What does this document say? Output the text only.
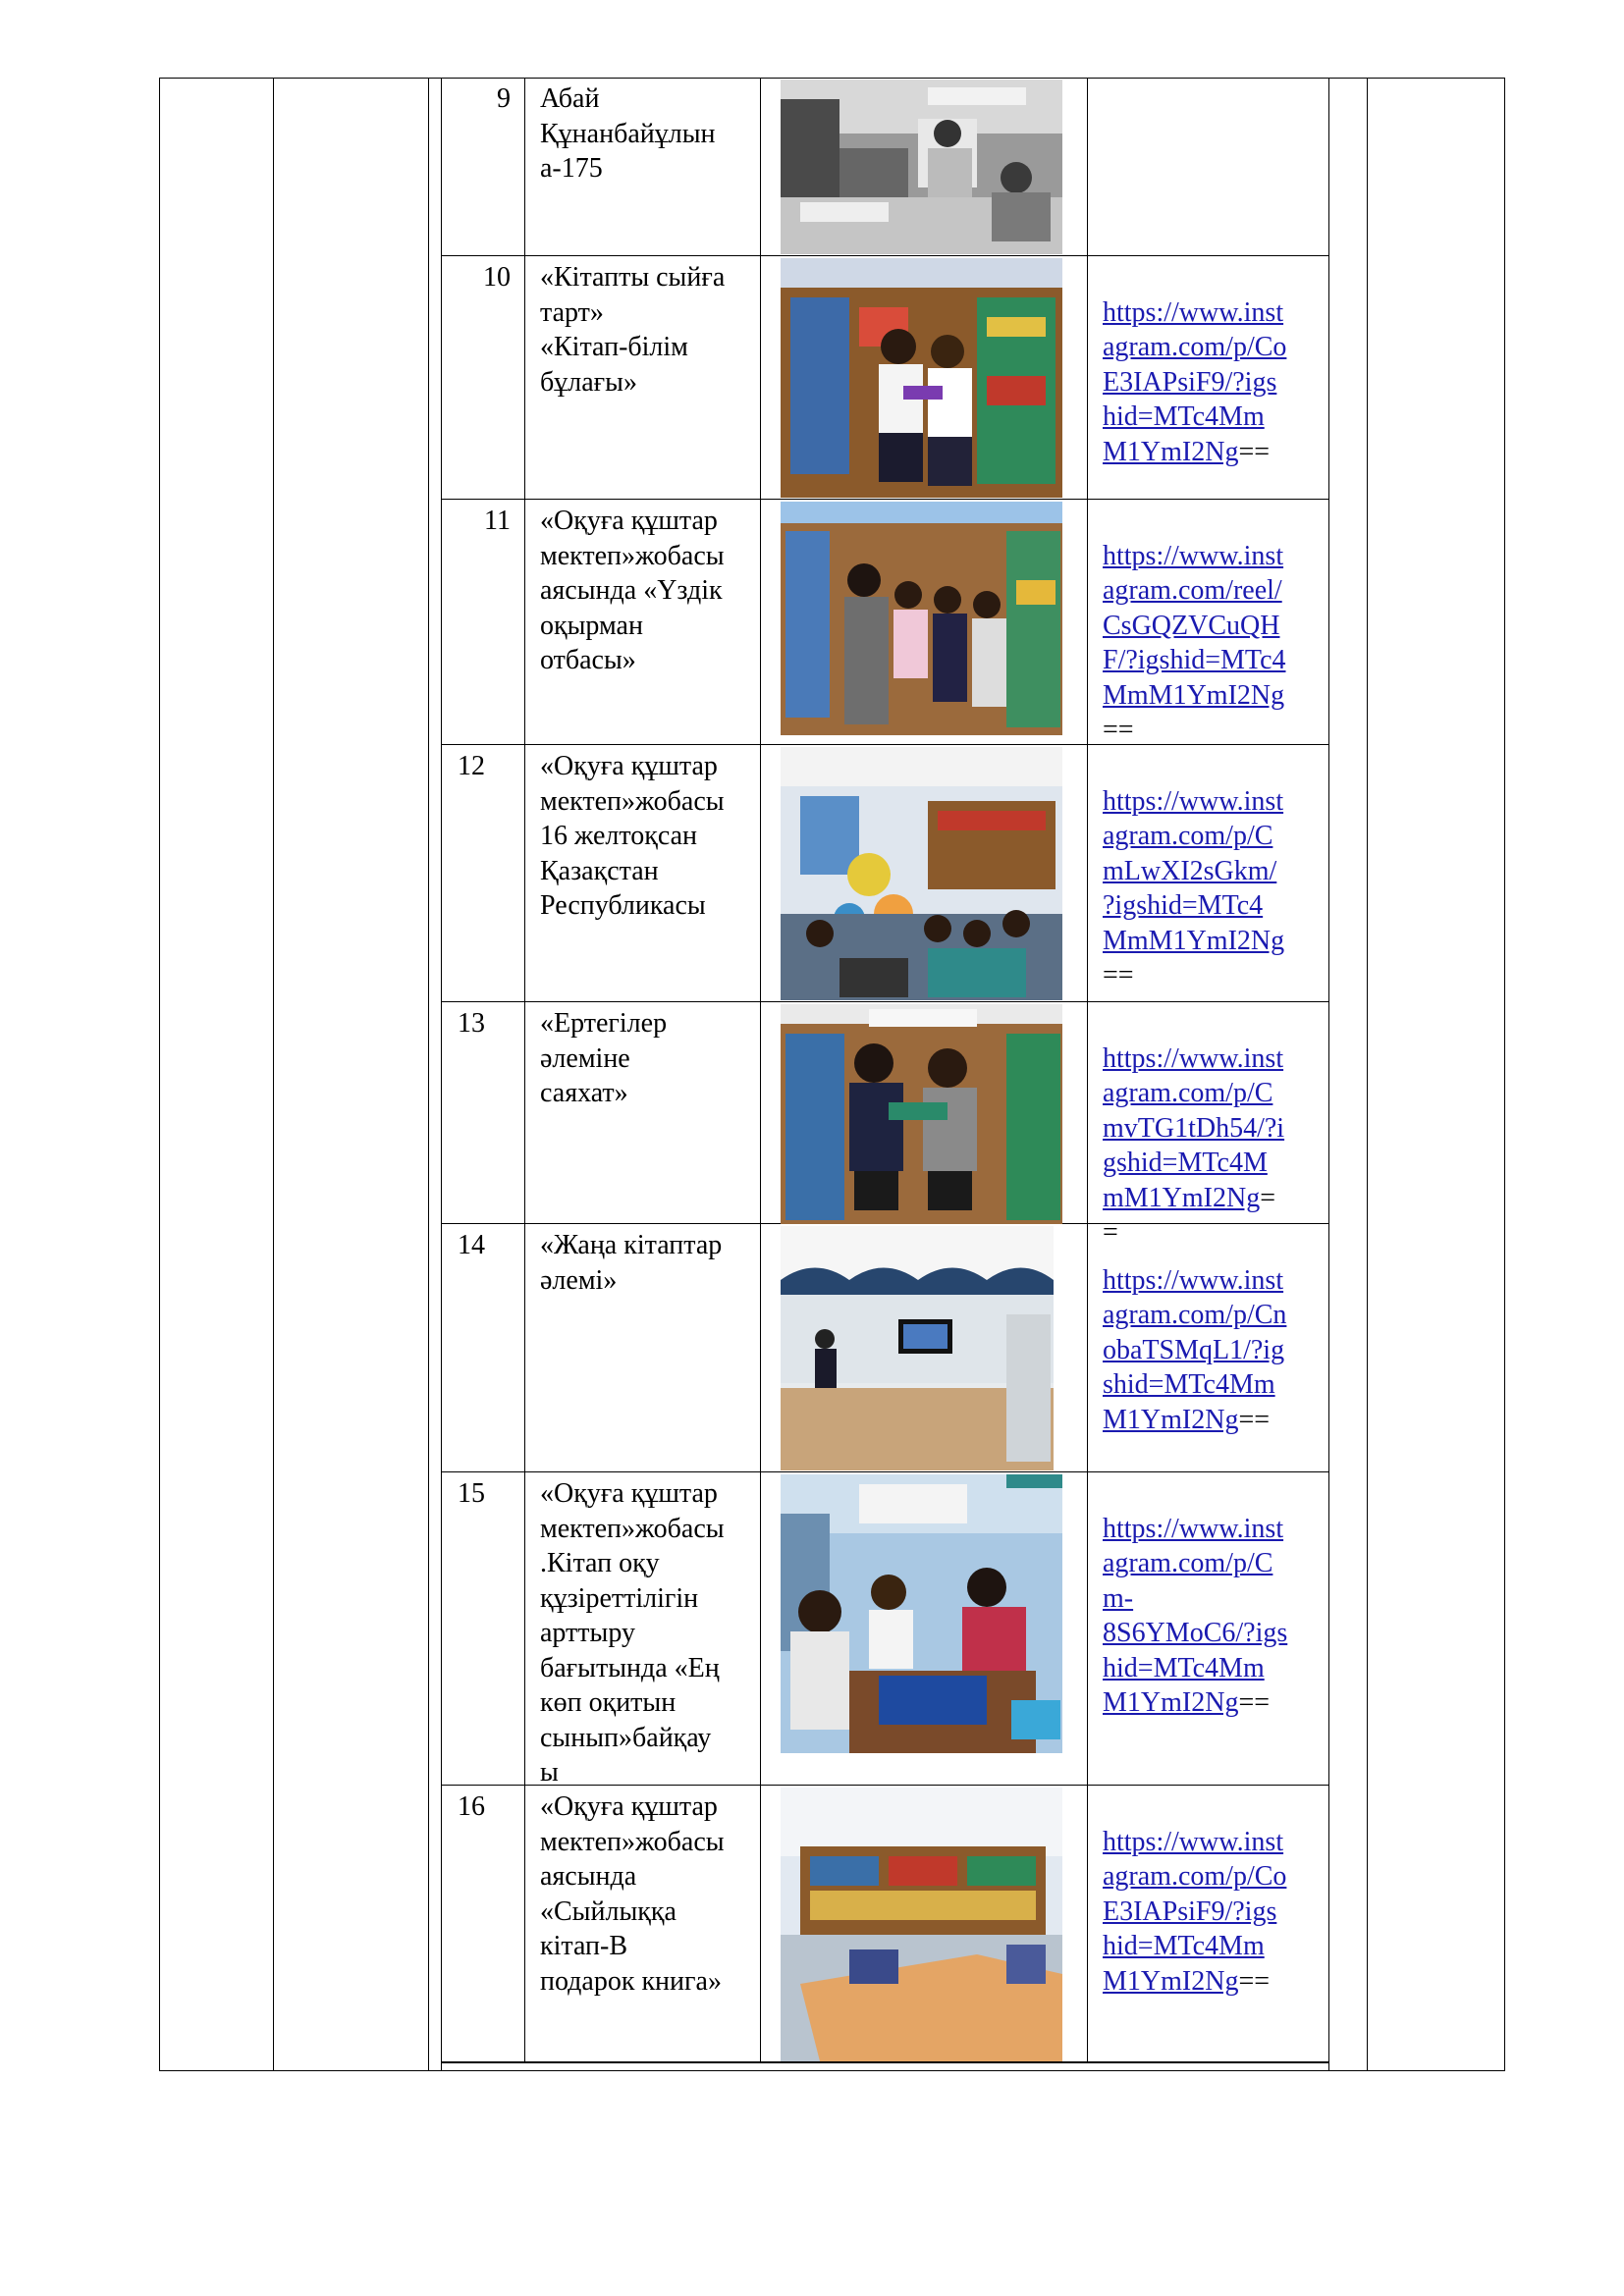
9	Абай
Құнанбайұлын
а-175
10	«Кітапты сыйға
тарт»
«Кітап-білім
бұлағы»

https://www.inst
agram.com/p/Co
E3IAPsiF9/?igs
hid=MTc4Mm
M1YmI2Ng==

11	«Оқуға құштар
мектеп»жобасы
аясында «Үздік
оқырман
отбасы»

https://www.inst
agram.com/reel/
CsGQZVCuQH
F/?igshid=MTc4
MmM1YmI2Ng
==

12	«Оқуға құштар
мектеп»жобасы
16 желтоқсан
Қазақстан
Республикасы

https://www.inst
agram.com/p/C
mLwXI2sGkm/
?igshid=MTc4
MmM1YmI2Ng
==

13	«Ертегілер
әлеміне
саяхат»

https://www.inst
agram.com/p/C
mvTG1tDh54/?i
gshid=MTc4M
mM1YmI2Ng=
=

14	«Жаңа кітаптар
әлемі»	https://www.inst
agram.com/p/Cn
obaTSMqL1/?ig
shid=MTc4Mm
M1YmI2Ng==

15	«Оқуға құштар
мектеп»жобасы
.Кітап оқу
құзіреттілігін
арттыру
бағытында «Ең
көп оқитын
сынып»байқау
ы

https://www.inst
agram.com/p/C
m-
8S6YMoC6/?igs
hid=MTc4Mm
M1YmI2Ng==

16	«Оқуға құштар
мектеп»жобасы
аясында
«Сыйлыққа
кітап-В
подарок книга»

https://www.inst
agram.com/p/Co
E3IAPsiF9/?igs
hid=MTc4Mm
M1YmI2Ng==
